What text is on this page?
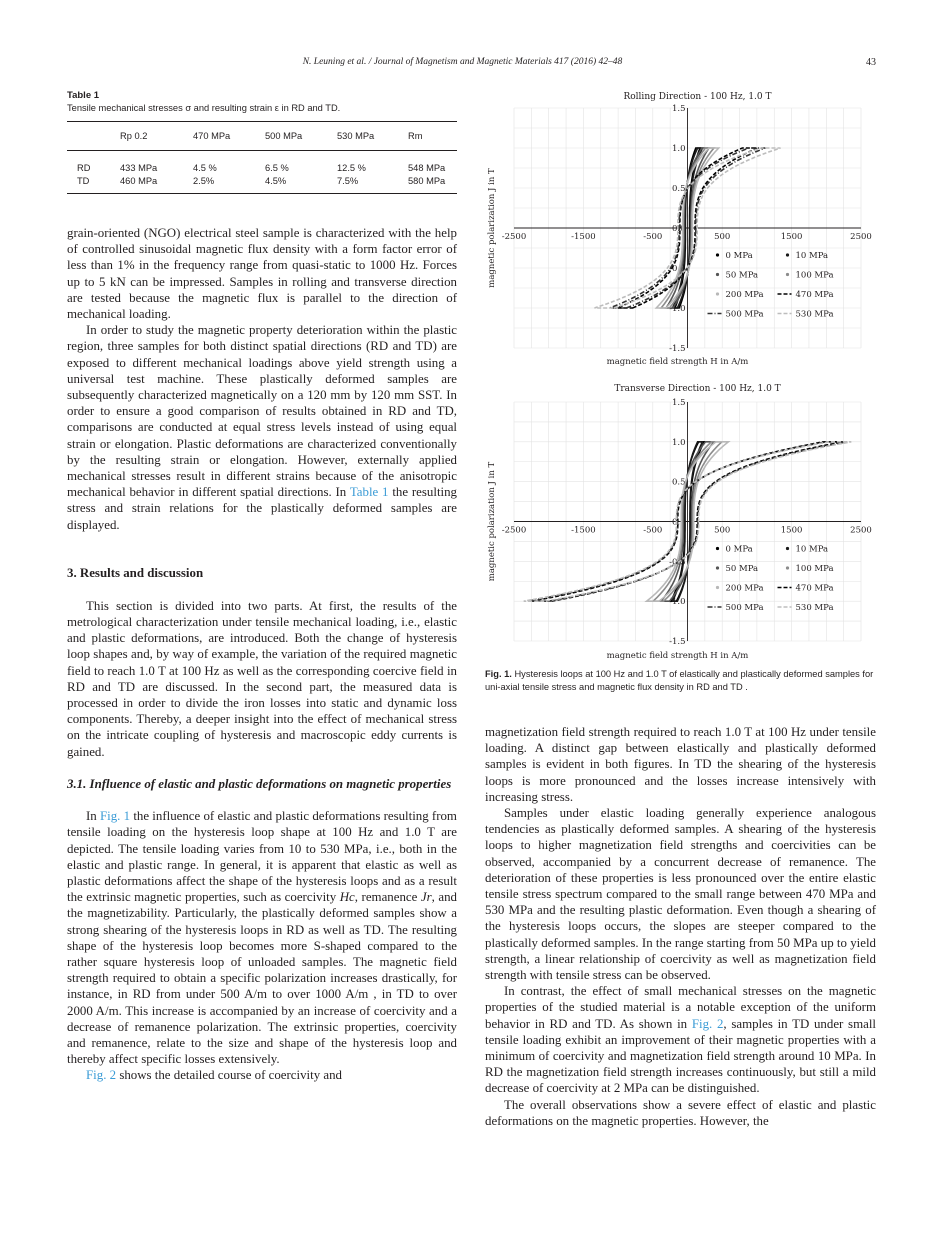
N. Leuning et al. / Journal of Magnetism and Magnetic Materials 417 (2016) 42–48	43
Table 1
Tensile mechanical stresses σ and resulting strain ε in RD and TD.
	Rp 0.2	470 MPa	500 MPa	530 MPa	Rm
RD	433 MPa	4.5 %	6.5 %	12.5 %	548 MPa
TD	460 MPa	2.5%	4.5%	7.5%	580 MPa

grain-oriented (NGO) electrical steel sample is characterized with the help of controlled sinusoidal magnetic flux density with a form factor error of less than 1% in the frequency range from quasi-static to 1000 Hz. Forces up to 5 kN can be impressed. Samples in rolling and transverse direction are tested because the magnetic flux is parallel to the direction of mechanical loading.

In order to study the magnetic property deterioration within the plastic region, three samples for both distinct spatial directions (RD and TD) are exposed to different mechanical loadings above yield strength using a universal test machine. These plastically deformed samples are subsequently characterized magnetically on a 120 mm by 120 mm SST. In order to ensure a good comparison of results obtained in RD and TD, comparisons are conducted at equal stress levels instead of using equal strain or elongation. Plastic deformations are characterized conventionally by the resulting strain or elongation. However, externally applied mechanical stresses result in different strains because of the anisotropic mechanical behavior in different spatial directions. In Table 1 the resulting stress and strain relations for the plastically deformed samples are displayed.

3. Results and discussion

This section is divided into two parts. At first, the results of the metrological characterization under tensile mechanical loading, i.e., elastic and plastic deformations, are introduced. Both the change of hysteresis loop shapes and, by way of example, the variation of the required magnetic field to reach 1.0 T at 100 Hz as well as the corresponding coercive field in RD and TD are discussed. In the second part, the measured data is processed in order to divide the iron losses into static and dynamic loss components. Thereby, a deeper insight into the effect of mechanical stress on the intricate coupling of hysteresis and macroscopic eddy currents is gained.

3.1. Influence of elastic and plastic deformations on magnetic properties

In Fig. 1 the influence of elastic and plastic deformations resulting from tensile loading on the hysteresis loop shape at 100 Hz and 1.0 T are depicted. The tensile loading varies from 10 to 530 MPa, i.e., both in the elastic and plastic range. In general, it is apparent that elastic as well as plastic deformations affect the shape of the hysteresis loops and as a result the extrinsic magnetic properties, such as coercivity Hc, remanence Jr, and the magnetizability. Particularly, the plastically deformed samples show a strong shearing of the hysteresis loops in RD as well as TD. The resulting shape of the hysteresis loop becomes more S-shaped compared to the rather square hysteresis loop of unloaded samples. The magnetic field strength required to obtain a specific polarization increases drastically, for instance, in RD from under 500 A/m to over 1000 A/m , in TD to over 2000 A/m. This increase is accompanied by an increase of coercivity and a decrease of remanence polarization. The extrinsic properties, coercivity and remanence, relate to the size and shape of the hysteresis loop and thereby affect specific losses extensively.

Fig. 2 shows the detailed course of coercivity and

Rolling Direction - 100 Hz, 1.0 T
-2500	-1500	-500	500	1500	2500
1.5
1.0
0.5
0.0
-0.5
-1.0
-1.5
magnetic field strength H in A/m
magnetic polarization J in T	0 MPa	10 MPa
50 MPa	100 MPa
200 MPa	470 MPa
500 MPa	530 MPa
Transverse Direction - 100 Hz, 1.0 T
-2500	-1500	-500	500	1500	2500
1.5
1.0
0.5
0.0
-0.5
-1.0
-1.5
magnetic field strength H in A/m
magnetic polarization J in T	0 MPa	10 MPa
50 MPa	100 MPa
200 MPa	470 MPa
500 MPa	530 MPa
Fig. 1. Hysteresis loops at 100 Hz and 1.0 T of elastically and plastically deformed samples for uni-axial tensile stress and magnetic flux density in RD and TD .

magnetization field strength required to reach 1.0 T at 100 Hz under tensile loading. A distinct gap between elastically and plastically deformed samples is evident in both figures. In TD the shearing of the hysteresis loops is more pronounced and the losses increase intensively with increasing stress.

Samples under elastic loading generally experience analogous tendencies as plastically deformed samples. A shearing of the hysteresis loops to higher magnetization field strengths and coercivities can be observed, accompanied by a concurrent decrease of remanence. The deterioration of these properties is less pronounced over the entire elastic tensile stress spectrum compared to the small range between 470 MPa and 530 MPa and the resulting plastic deformation. Even though a shearing of the hysteresis loops occurs, the slopes are steeper compared to the plastically deformed samples. In the range starting from 50 MPa up to yield strength, a linear relationship of coercivity as well as magnetization field strength with tensile stress can be observed.

In contrast, the effect of small mechanical stresses on the magnetic properties of the studied material is a notable exception of the uniform behavior in RD and TD. As shown in Fig. 2, samples in TD under small tensile loading exhibit an improvement of their magnetic properties with a minimum of coercivity and magnetization field strength around 10 MPa. In RD the magnetization field strength increases continuously, but still a mild decrease of coercivity at 2 MPa can be distinguished.

The overall observations show a severe effect of elastic and plastic deformations on the magnetic properties. However, the
